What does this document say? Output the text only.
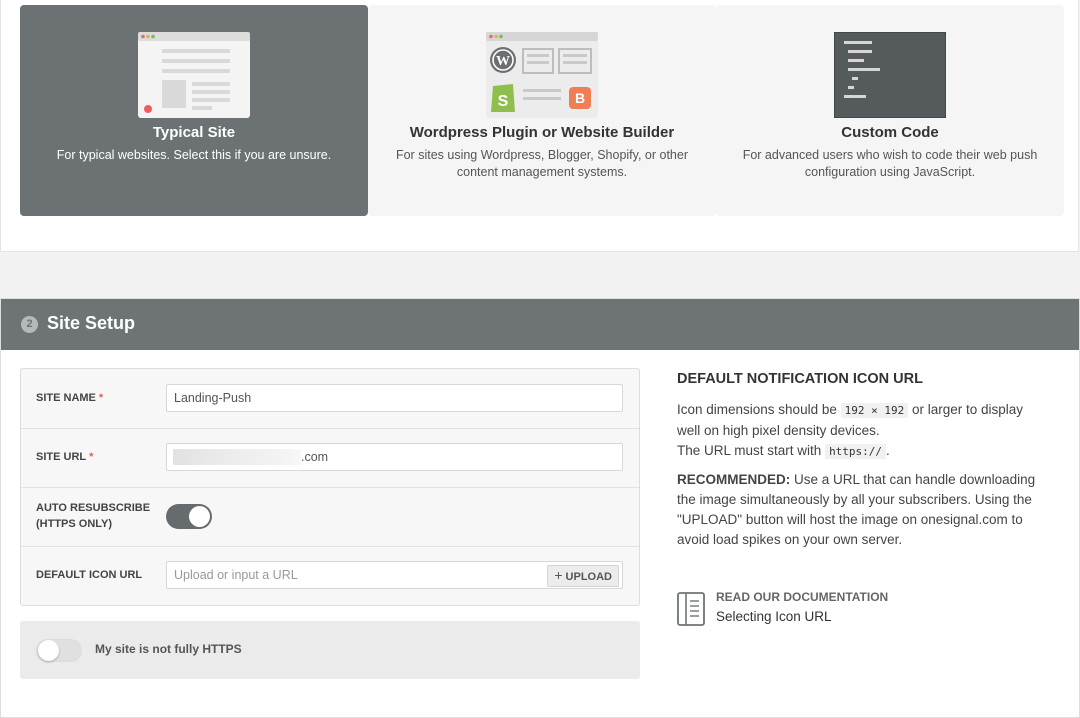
Typical Site
For typical websites. Select this if you are unsure.
W
S	B
Wordpress Plugin or Website Builder
For sites using Wordpress, Blogger, Shopify, or other content management systems.
Custom Code
For advanced users who wish to code their web push configuration using JavaScript.
2 Site Setup
SITE NAME *	Landing-Push
SITE URL *	.com
AUTO RESUBSCRIBE
(HTTPS ONLY)
DEFAULT ICON URL	Upload or input a URL	+ UPLOAD
My site is not fully HTTPS
DEFAULT NOTIFICATION ICON URL

Icon dimensions should be 192 × 192 or larger to display well on high pixel density devices.
The URL must start with https:// .

RECOMMENDED: Use a URL that can handle downloading the image simultaneously by all your subscribers. Using the "UPLOAD" button will host the image on onesignal.com to avoid load spikes on your own server.

READ OUR DOCUMENTATION
Selecting Icon URL
